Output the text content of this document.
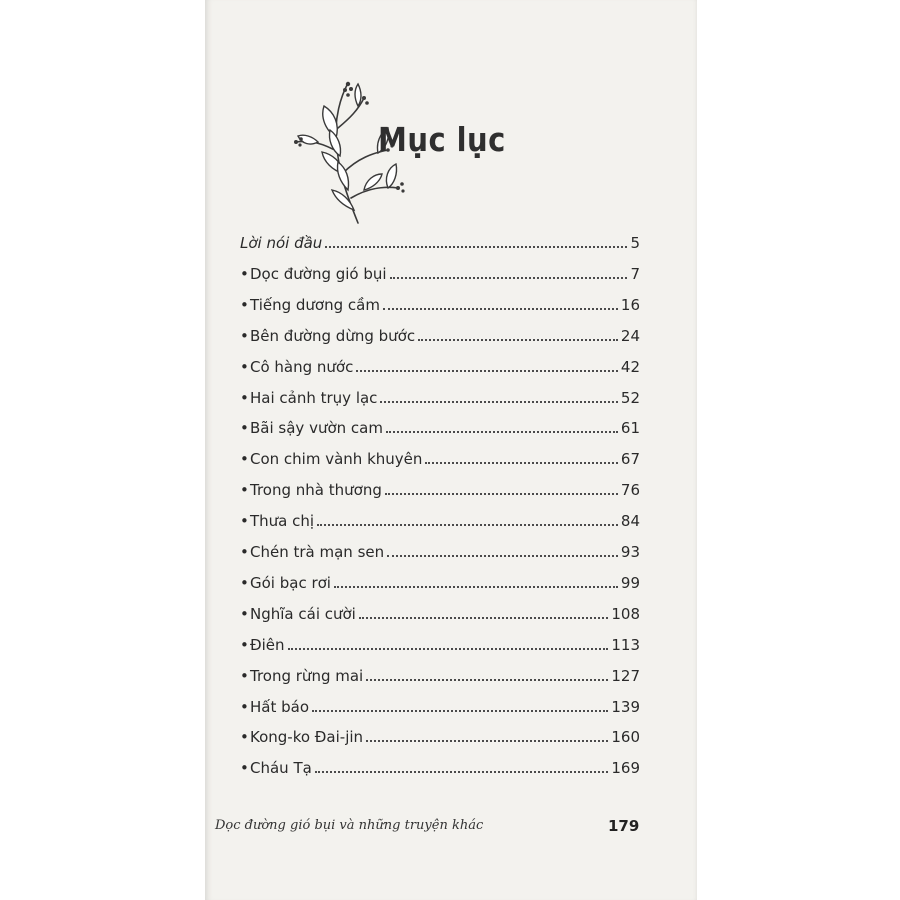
Mục lục
Lời nói đầu	5
• Dọc đường gió bụi	7
• Tiếng dương cầm	16
• Bên đường dừng bước	24
• Cô hàng nước	42
• Hai cảnh trụy lạc	52
• Bãi sậy vườn cam	61
• Con chim vành khuyên	67
• Trong nhà thương	76
• Thưa chị	84
• Chén trà mạn sen	93
• Gói bạc rơi	99
• Nghĩa cái cười	108
• Điên	113
• Trong rừng mai	127
• Hất báo	139
• Kong-ko Đai-jin	160
• Cháu Tạ	169
Dọc đường gió bụi và những truyện khác	179
